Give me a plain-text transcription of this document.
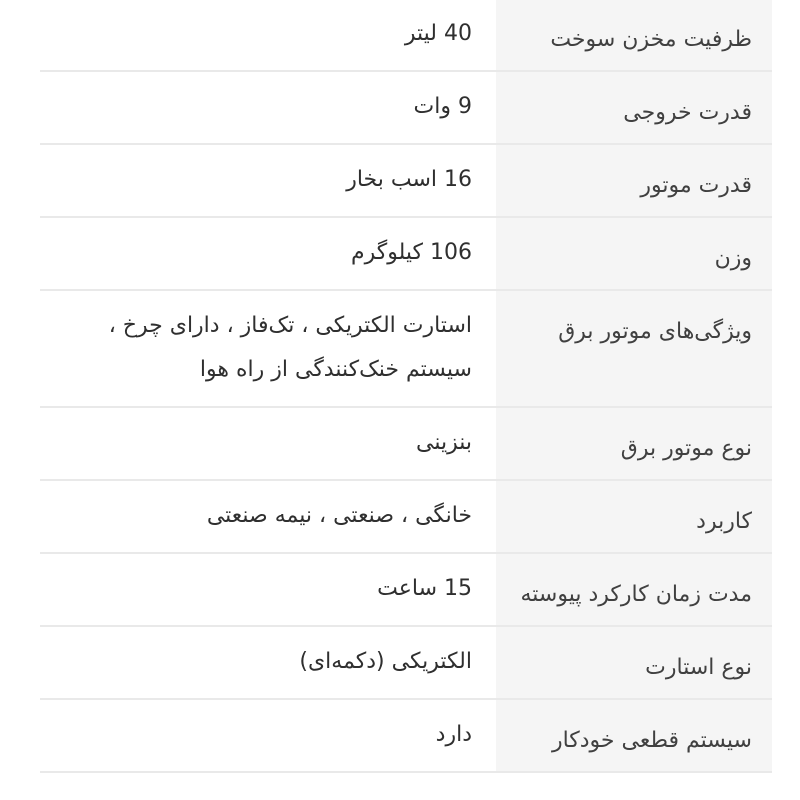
ظرفیت مخزن سوخت	40 لیتر
قدرت خروجی	9 وات
قدرت موتور	16 اسب بخار
وزن	106 کیلوگرم
ویژگی‌های موتور برق	استارت الکتریکی ، تک‌فاز ، دارای چرخ ، سیستم خنک‌کنندگی از راه هوا
نوع موتور برق	بنزینی
کاربرد	خانگی ، صنعتی ، نیمه صنعتی
مدت زمان کارکرد پیوسته	15 ساعت
نوع استارت	الکتریکی (دکمه‌ای)
سیستم قطعی خودکار	دارد
